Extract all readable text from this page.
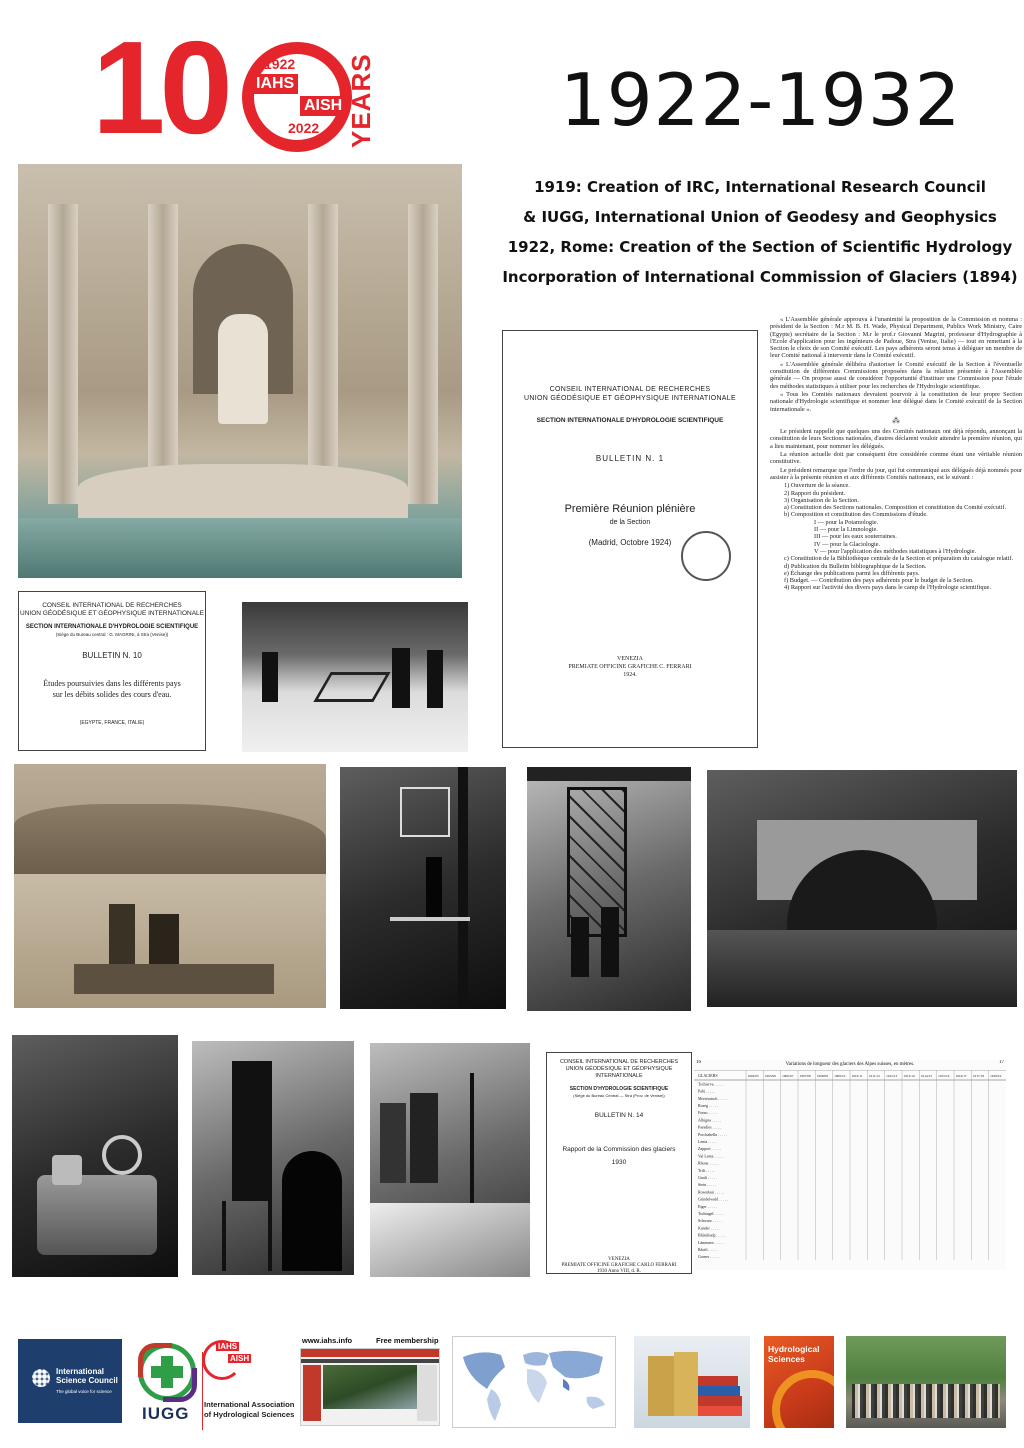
10	1922
IAHS
AISH
2022 YEARS	1922-1932
1919: Creation of IRC, International Research Council
& IUGG, International Union of Geodesy and Geophysics
1922, Rome: Creation of the Section of Scientific Hydrology
Incorporation of International Commission of Glaciers (1894)
CONSEIL INTERNATIONAL DE RECHERCHES
UNION GÉODÉSIQUE ET GÉOPHYSIQUE INTERNATIONALE
SECTION INTERNATIONALE D'HYDROLOGIE SCIENTIFIQUE
(Siège du Bureau central : G. MAGRINI, à Stra (Venise))
BULLETIN N. 10
Études poursuivies dans les différents pays
sur les débits solides des cours d'eau.
(EGYPTE, FRANCE, ITALIE)
CONSEIL INTERNATIONAL DE RECHERCHES
UNION GÉODÉSIQUE ET GÉOPHYSIQUE INTERNATIONALE
SECTION INTERNATIONALE D'HYDROLOGIE SCIENTIFIQUE
BULLETIN N. 1
Première Réunion plénière
de la Section
(Madrid, Octobre 1924)
VENEZIA
PREMIATE OFFICINE GRAFICHE C. FERRARI
1924.

« L'Assemblée générale approuva à l'unanimité la proposition de la Commission et nomma : président de la Section : M.r M. B. H. Wade, Physical Department, Publics Work Ministry, Caire (Egypte) secrétaire de la Section : M.r le prof.r Giovanni Magrini, professeur d'Hydrographie à l'Ecole d'application pour les ingénieurs de Padoue, Stra (Venise, Italie) — tout en remettant à la Section le choix de son Comité exécutif. Les pays adhérents seront tenus à déléguer un membre de leur Comité national à intervenir dans le Comité exécutif.

« L'Assemblée générale délibéra d'autoriser le Comité exécutif de la Section à l'éventuelle constitution de différentes Commissions proposées dans la relation présentée à l'Assemblée générale — On propose aussi de considérer l'opportunité d'instituer une Commission pour l'étude des méthodes statistiques à utiliser pour les recherches de l'Hydrologie scientifique.

« Tous les Comités nationaux devraient pourvoir à la constitution de leur propre Section nationale d'Hydrologie scientifique et nommer leur délégué dans le Comité exécutif de la Section internationale ».

⁂

Le président rappelle que quelques uns des Comités nationaux ont déjà répondu, annonçant la constitution de leurs Sections nationales, d'autres déclarent vouloir attendre la première réunion, qui a lieu maintenant, pour nommer les délégués.

La réunion actuelle doit par conséquent être considérée comme étant une véritable réunion constitutive.

Le président remarque que l'ordre du jour, qui fut communiqué aux délégués déjà nommés pour assister à la présente réunion et aux différents Comités nationaux, est le suivant :

1) Ouverture de la séance.
2) Rapport du président.
3) Organisation de la Section.
a) Constitution des Sections nationales. Composition et constitution du Comité exécutif.
b) Composition et constitution des Commissions d'étude.
I — pour la Potamologie.
II — pour la Limnologie.
III — pour les eaux souterraines.
IV — pour la Glaciologie.
V — pour l'application des méthodes statistiques à l'Hydrologie.
c) Constitution de la Bibliothèque centrale de la Section et préparation du catalogue relatif.
d) Publication du Bulletin bibliographique de la Section.
e) Échange des publications parmi les différents pays.
f) Budget. — Contribution des pays adhérents pour le budget de la Section.
4) Rapport sur l'activité des divers pays dans le camp de l'Hydrologie scientifique.
CONSEIL INTERNATIONAL DE RECHERCHES
UNION GÉODÉSIQUE ET GÉOPHYSIQUE INTERNATIONALE
SECTION D'HYDROLOGIE SCIENTIFIQUE
(Siège du Bureau Central — Stra (Prov. de Venise))
BULLETIN N. 14
Rapport de la Commission des glaciers
1930
VENEZIA
PREMIATE OFFICINE GRAFICHE CARLO FERRARI
1930 Anno VIII, d. R.
16	17
Variations de longueur des glaciers des Alpes suisses, en mètres.
GLACIERS	1904/05 1905/06 1906/07 1907/08 1908/09 1909/10 1910/11 1911/12 1912/13 1913/14 1914/15 1915/16 1916/17 1917/18 1918/19
Tschierva . . . . .
Palü . . . . .
Morteratsch . . . . .
Roseg . . . . .
Forno . . . . .
Albigna . . . . .
Paradies . . . . .
Porchabella . . . . .
Lenta . . . . .
Zapport . . . . .
Val Lenta . . . . .
Rhone . . . . .
Trift . . . . .
Gauli . . . . .
Stein . . . . .
Rosenlaui . . . . .
Grindelwald . . . . .
Eiger . . . . .
Tschingel . . . . .
Schwarz . . . . .
Kander . . . . .
Blümlisalp . . . . .
Lämmern . . . . .
Rätzli . . . . .
Gorner . . . . .
International Science Council
The global voice for science
IUGG
IAHS
AISH
International Association
of Hydrological Sciences
www.iahs.info	Free membership
Hydrological
Sciences
